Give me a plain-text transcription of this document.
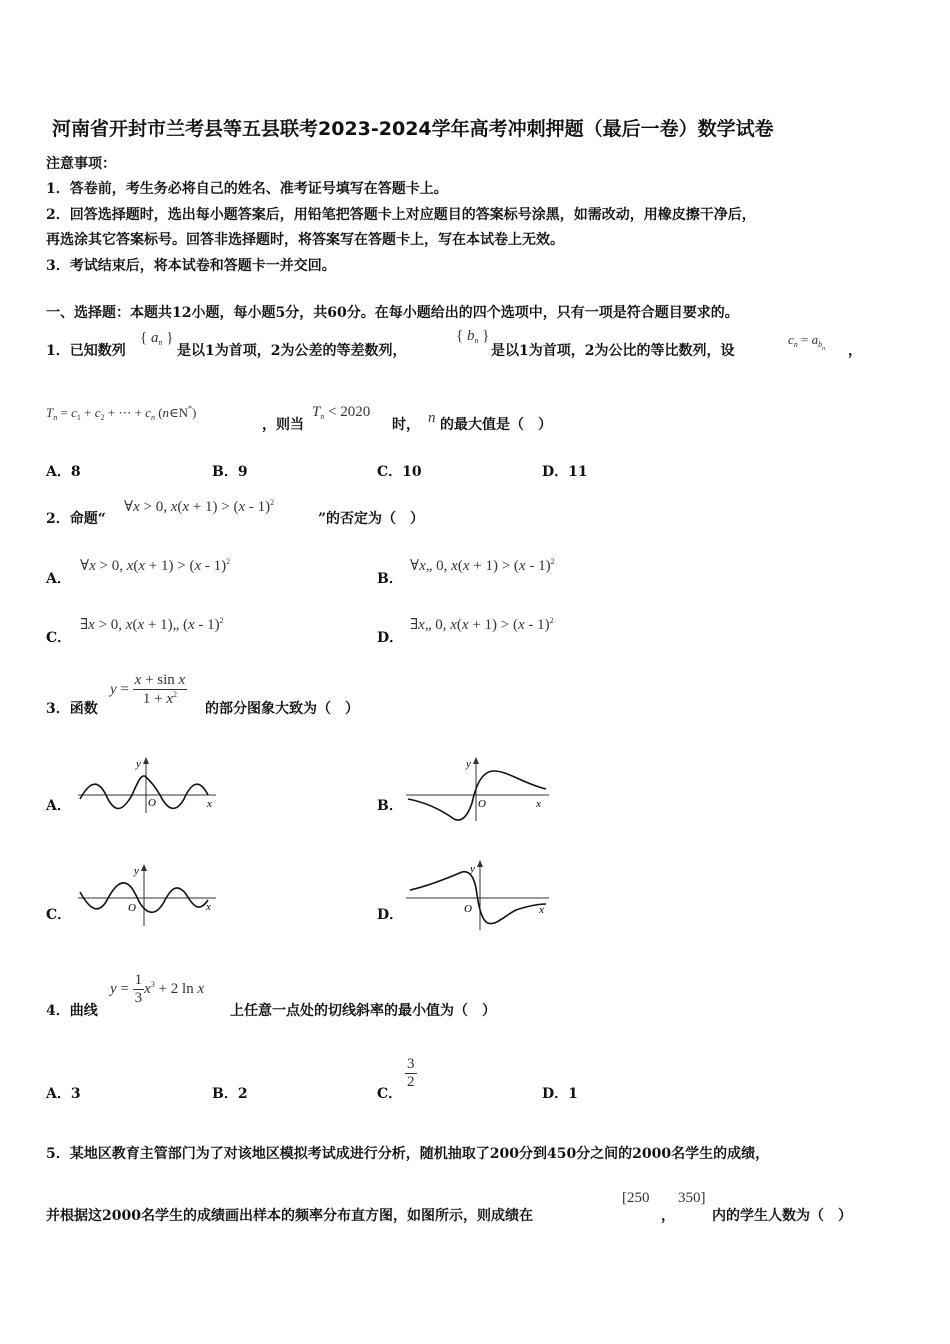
河南省开封市兰考县等五县联考2023-2024学年高考冲刺押题（最后一卷）数学试卷
注意事项：
1．答卷前，考生务必将自己的姓名、准考证号填写在答题卡上。
2．回答选择题时，选出每小题答案后，用铅笔把答题卡上对应题目的答案标号涂黑，如需改动，用橡皮擦干净后，
再选涂其它答案标号。回答非选择题时，将答案写在答题卡上，写在本试卷上无效。
3．考试结束后，将本试卷和答题卡一并交回。
一、选择题：本题共12小题，每小题5分，共60分。在每小题给出的四个选项中，只有一项是符合题目要求的。
1．已知数列
{ $a_n$ }
是以1为首项，2为公差的等差数列，
{ $b_n$ }
是以1为首项，2为公比的等比数列，设
$c_n = a_{b_n}$ ，
$T_n = c_1 + c_2$ + ⋯ + $c_n$ (n∈N*)
，则当
$T_n < 2020$
时， n 的最大值是（　）
A．8	B．9	C．10	D．11
2．命题“
∀x > 0, x(x + 1) > (x - 1)$^2$
”的否定为（　）
A．
∀x > 0, x(x + 1) > (x - 1)$^2$
B．
∀x„ 0, x(x + 1) > (x - 1)$^2$
C．
∃x > 0, x(x + 1)„ (x - 1)$^2$
D．
∃x„ 0, x(x + 1) > (x - 1)$^2$
3．函数
$y = \frac{\text{x + sin x}}{1 + x^2}$
的部分图象大致为（　）
A．
y
x
O	B．
y
x
O
C．
y
x
O	D．
y
x
O
4．曲线
$y = \frac{1}{3} x^3 + 2$ ln x
上任意一点处的切线斜率的最小值为（　）
A．3	B．2	C．
$\frac{3}{2}$
D．1
5．某地区教育主管部门为了对该地区模拟考试成进行分析，随机抽取了200分到450分之间的2000名学生的成绩，
并根据这2000名学生的成绩画出样本的频率分布直方图，如图所示，则成绩在
[250
，
350]
内的学生人数为（　）
